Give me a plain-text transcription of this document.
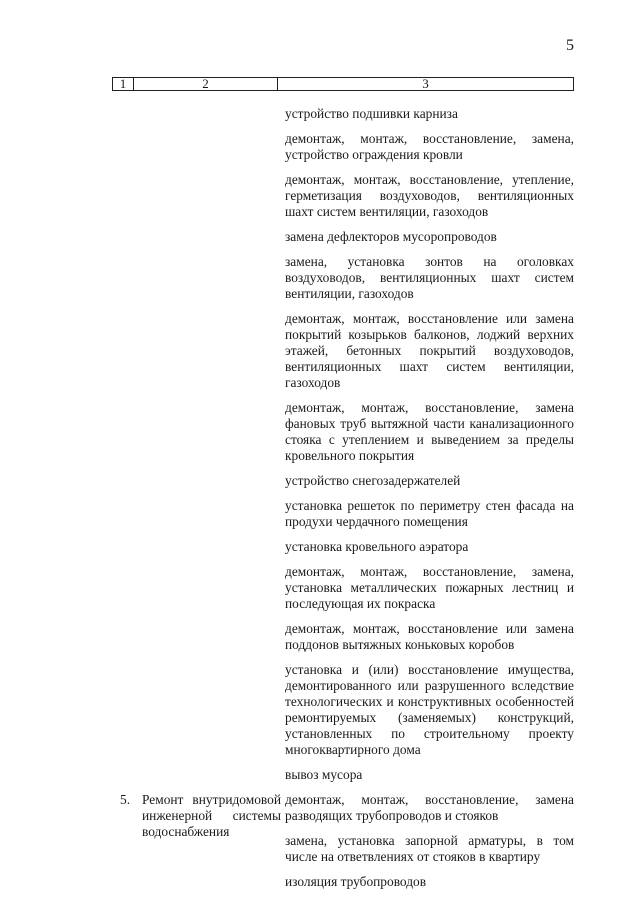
5
1	2	3
устройство подшивки карниза
демонтаж, монтаж, восстановление, замена, устройство ограждения кровли
демонтаж, монтаж, восстановление, утепление, герметизация воздуховодов, вентиляционных шахт систем вентиляции, газоходов
замена дефлекторов мусоропроводов
замена, установка зонтов на оголовках воздуховодов, вентиляционных шахт систем вентиляции, газоходов
демонтаж, монтаж, восстановление или замена покрытий козырьков балконов, лоджий верхних этажей, бетонных покрытий воздуховодов, вентиляционных шахт систем вентиляции, газоходов
демонтаж, монтаж, восстановление, замена фановых труб вытяжной части канализационного стояка с утеплением и выведением за пределы кровельного покрытия
устройство снегозадержателей
установка решеток по периметру стен фасада на продухи чердачного помещения
установка кровельного аэратора
демонтаж, монтаж, восстановление, замена, установка металлических пожарных лестниц и последующая их покраска
демонтаж, монтаж, восстановление или замена поддонов вытяжных коньковых коробов
установка и (или) восстановление имущества, демонтированного или разрушенного вследствие технологических и конструктивных особенностей ремонтируемых (заменяемых) конструкций, установленных по строительному проекту многоквартирного дома
вывоз мусора
5. Ремонт внутридомовой инженерной системы водоснабжения
демонтаж, монтаж, восстановление, замена разводящих трубопроводов и стояков
замена, установка запорной арматуры, в том числе на ответвлениях от стояков в квартиру
изоляция трубопроводов
